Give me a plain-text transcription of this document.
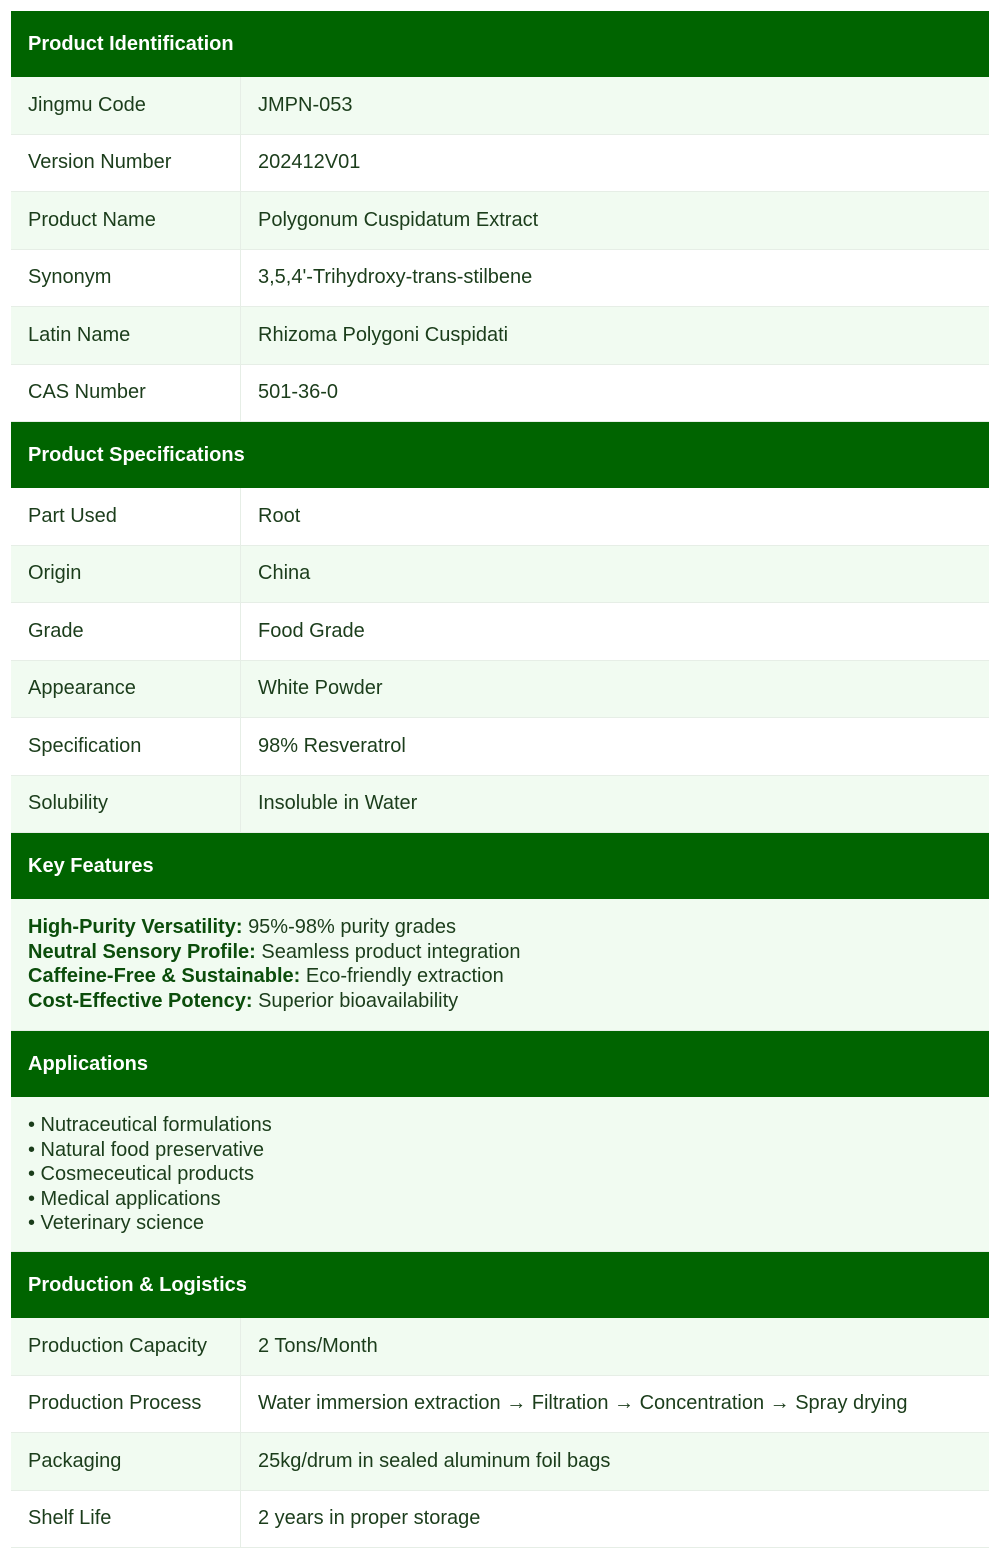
Product Identification
Jingmu Code	JMPN-053
Version Number	202412V01
Product Name	Polygonum Cuspidatum Extract
Synonym	3,5,4'-Trihydroxy-trans-stilbene
Latin Name	Rhizoma Polygoni Cuspidati
CAS Number	501-36-0
Product Specifications
Part Used	Root
Origin	China
Grade	Food Grade
Appearance	White Powder
Specification	98% Resveratrol
Solubility	Insoluble in Water
Key Features
High-Purity Versatility: 95%-98% purity grades
Neutral Sensory Profile: Seamless product integration
Caffeine-Free & Sustainable: Eco-friendly extraction
Cost-Effective Potency: Superior bioavailability
Applications
• Nutraceutical formulations
• Natural food preservative
• Cosmeceutical products
• Medical applications
• Veterinary science
Production & Logistics
Production Capacity	2 Tons/Month
Production Process	Water immersion extraction → Filtration → Concentration → Spray drying
Packaging	25kg/drum in sealed aluminum foil bags
Shelf Life	2 years in proper storage
